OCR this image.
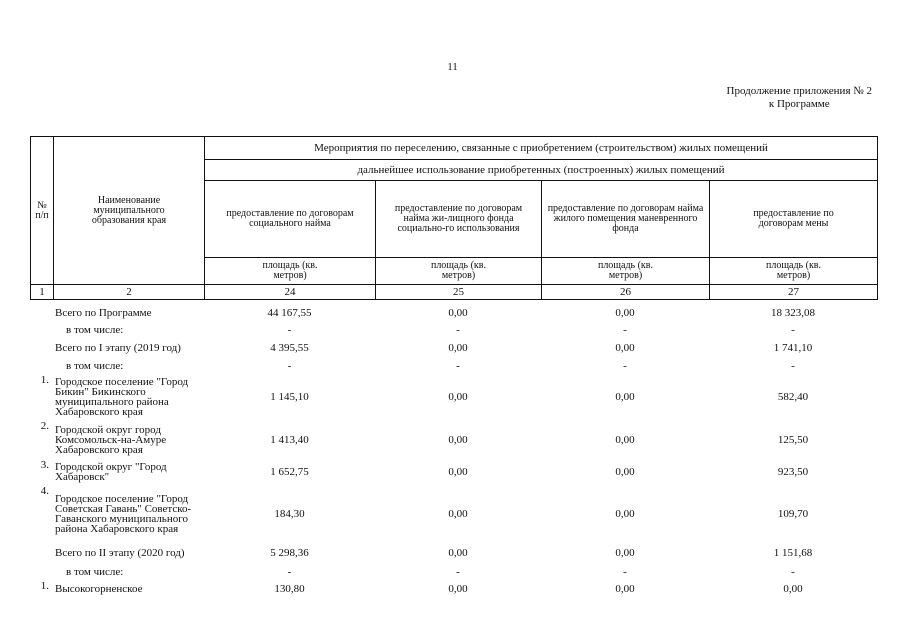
11
Продолжение приложения № 2
к Программе
№ п/п	Наименование муниципального образования края	Мероприятия по переселению, связанные с приобретением (строительством) жилых помещений			
		дальнейшее использование приобретенных (построенных) жилых помещений			
		предоставление по договорам социального найма	предоставление по договорам найма жи-лищного фонда социально-го использования	предоставление по договорам найма жилого помещения маневренного фонда	предоставление по договорам мены
		площадь (кв. метров)	площадь (кв. метров)	площадь (кв. метров)	площадь (кв. метров)
1	2	24	25	26	27
	Всего по Программе	44 167,55	0,00	0,00	18 323,08
	в том числе:	-	-	-	-
	Всего по I этапу (2019 год)	4 395,55	0,00	0,00	1 741,10
	в том числе:	-	-	-	-
1.	Городское поселение "Город Бикин" Бикинского муниципального района Хабаровского края	1 145,10	0,00	0,00	582,40
2.	Городской округ город Комсомольск-на-Амуре Хабаровского края	1 413,40	0,00	0,00	125,50
3.	Городской округ "Город Хабаровск"	1 652,75	0,00	0,00	923,50
4.	Городское поселение "Город Советская Гавань" Советско-Гаванского муниципального района Хабаровского края	184,30	0,00	0,00	109,70
	Всего по II этапу (2020 год)	5 298,36	0,00	0,00	1 151,68
	в том числе:	-	-	-	-
1.	Высокогорненское	130,80	0,00	0,00	0,00
